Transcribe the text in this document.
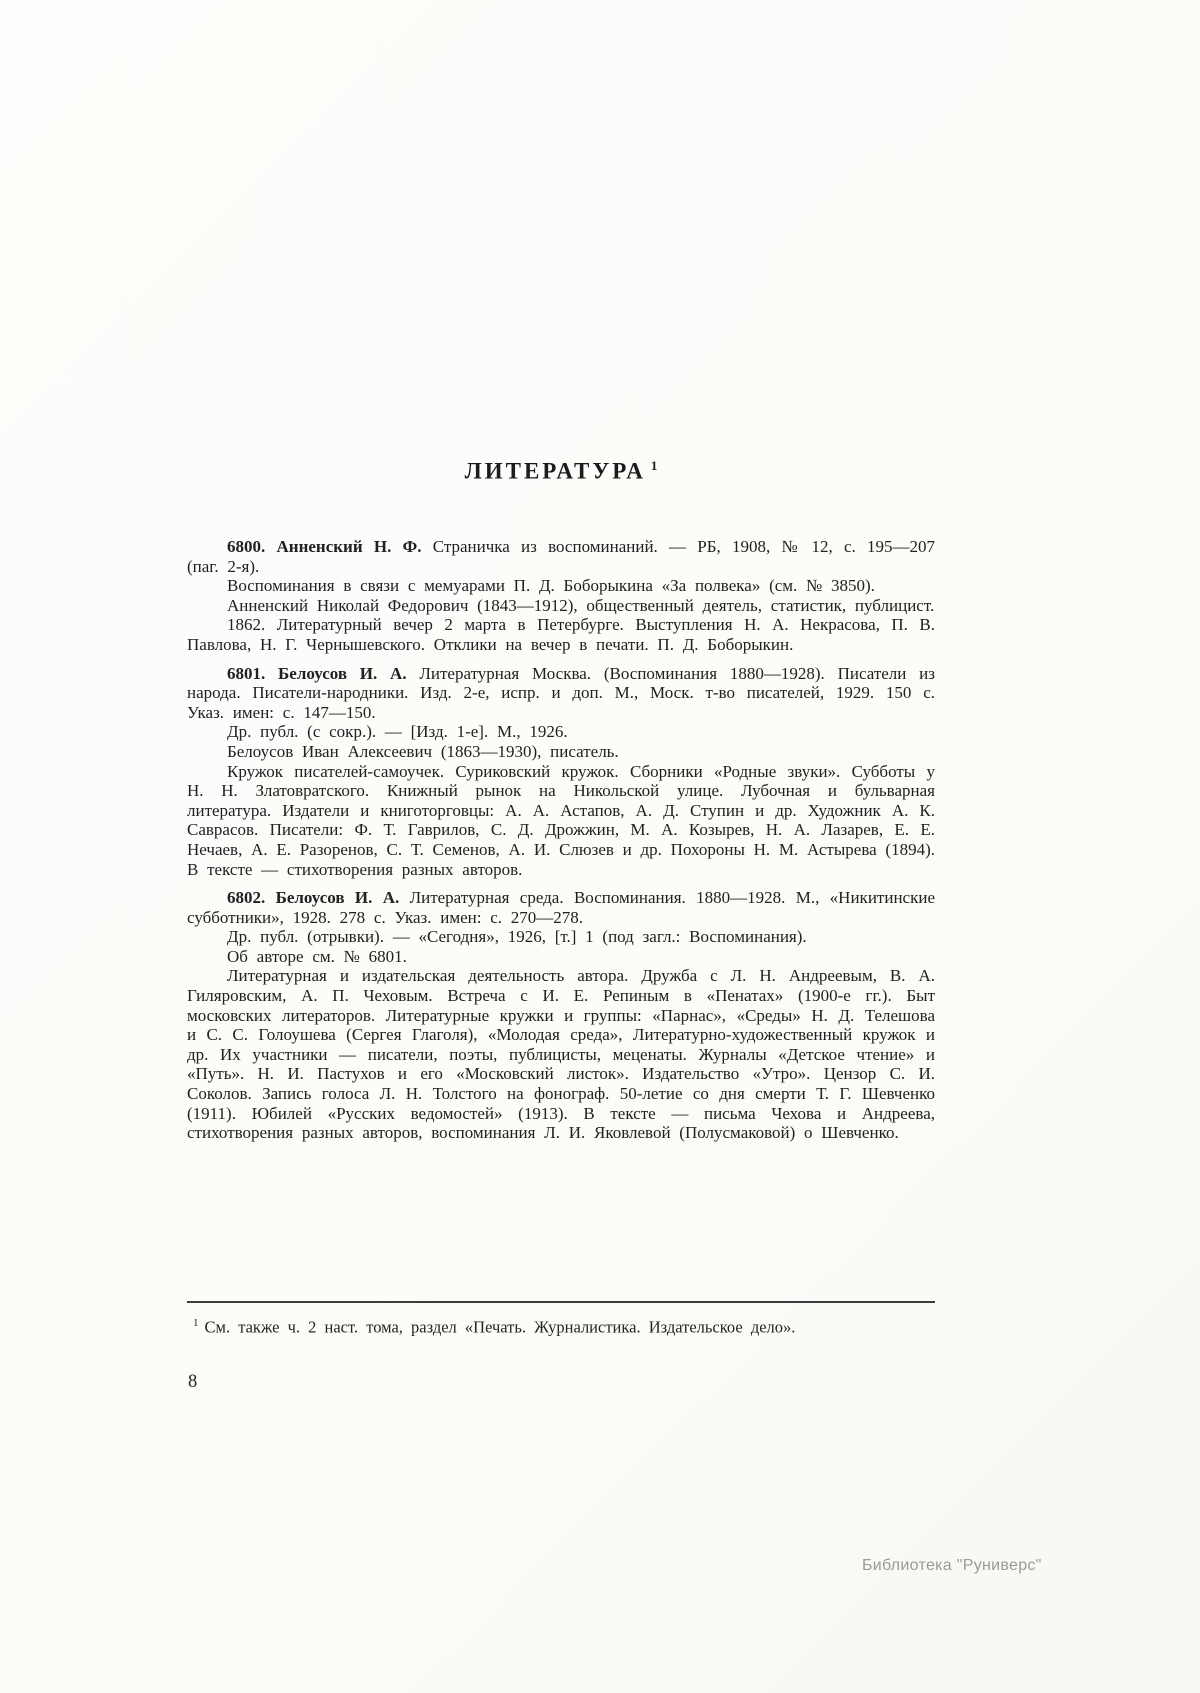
ЛИТЕРАТУРА $^1$

6800. Анненский Н. Ф. Страничка из воспоминаний. — РБ, 1908, № 12, с. 195—207 (паг. 2-я).

Воспоминания в связи с мемуарами П. Д. Боборыкина «За полвека» (см. № 3850).

Анненский Николай Федорович (1843—1912), общественный деятель, статистик, публицист.

1862. Литературный вечер 2 марта в Петербурге. Выступления Н. А. Некрасова, П. В. Павлова, Н. Г. Чернышевского. Отклики на вечер в печати. П. Д. Боборыкин.

6801. Белоусов И. А. Литературная Москва. (Воспоминания 1880—1928). Писатели из народа. Писатели-народники. Изд. 2-е, испр. и доп. М., Моск. т-во писателей, 1929. 150 с. Указ. имен: с. 147—150.

Др. публ. (с сокр.). — [Изд. 1-е]. М., 1926.

Белоусов Иван Алексеевич (1863—1930), писатель.

Кружок писателей-самоучек. Суриковский кружок. Сборники «Родные звуки». Субботы у Н. Н. Златовратского. Книжный рынок на Никольской улице. Лубочная и бульварная литература. Издатели и книготорговцы: А. А. Астапов, А. Д. Ступин и др. Художник А. К. Саврасов. Писатели: Ф. Т. Гаврилов, С. Д. Дрожжин, М. А. Козырев, Н. А. Лазарев, Е. Е. Нечаев, А. Е. Разоренов, С. Т. Семенов, А. И. Слюзев и др. Похороны Н. М. Астырева (1894). В тексте — стихотворения разных авторов.

6802. Белоусов И. А. Литературная среда. Воспоминания. 1880—1928. М., «Никитинские субботники», 1928. 278 с. Указ. имен: с. 270—278.

Др. публ. (отрывки). — «Сегодня», 1926, [т.] 1 (под загл.: Воспоминания).

Об авторе см. № 6801.

Литературная и издательская деятельность автора. Дружба с Л. Н. Андреевым, В. А. Гиляровским, А. П. Чеховым. Встреча с И. Е. Репиным в «Пенатах» (1900-е гг.). Быт московских литераторов. Литературные кружки и группы: «Парнас», «Среды» Н. Д. Телешова и С. С. Голоушева (Сергея Глаголя), «Молодая среда», Литературно-художественный кружок и др. Их участники — писатели, поэты, публицисты, меценаты. Журналы «Детское чтение» и «Путь». Н. И. Пастухов и его «Московский листок». Издательство «Утро». Цензор С. И. Соколов. Запись голоса Л. Н. Толстого на фонограф. 50-летие со дня смерти Т. Г. Шевченко (1911). Юбилей «Русских ведомостей» (1913). В тексте — письма Чехова и Андреева, стихотворения разных авторов, воспоминания Л. И. Яковлевой (Полусмаковой) о Шевченко.

$^1$ См. также ч. 2 наст. тома, раздел «Печать. Журналистика. Издательское дело».

8
Библиотека "Руниверс"
